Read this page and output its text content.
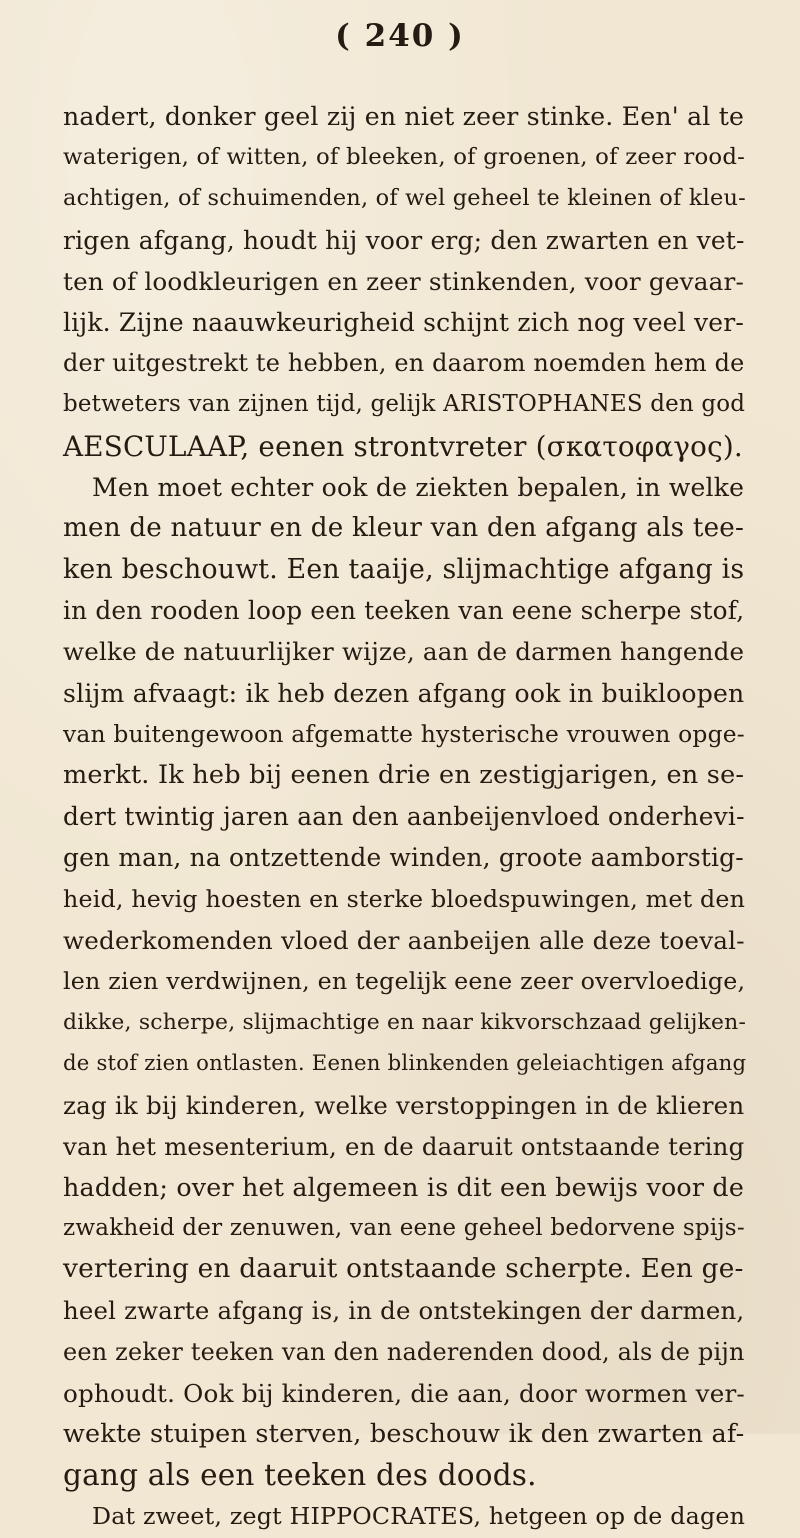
( 240 )
nadert, donker geel zij en niet zeer stinke. Een' al te
waterigen, of witten, of bleeken, of groenen, of zeer rood-
achtigen, of schuimenden, of wel geheel te kleinen of kleu-
rigen afgang, houdt hij voor erg; den zwarten en vet-
ten of loodkleurigen en zeer stinkenden, voor gevaar-
lijk. Zijne naauwkeurigheid schijnt zich nog veel ver-
der uitgestrekt te hebben, en daarom noemden hem de
betweters van zijnen tijd, gelijk ARISTOPHANES den god
AESCULAAP, eenen strontvreter (σκατοφαγος).
Men moet echter ook de ziekten bepalen, in welke
men de natuur en de kleur van den afgang als tee-
ken beschouwt. Een taaije, slijmachtige afgang is
in den rooden loop een teeken van eene scherpe stof,
welke de natuurlijker wijze, aan de darmen hangende
slijm afvaagt: ik heb dezen afgang ook in buikloopen
van buitengewoon afgematte hysterische vrouwen opge-
merkt. Ik heb bij eenen drie en zestigjarigen, en se-
dert twintig jaren aan den aanbeijenvloed onderhevi-
gen man, na ontzettende winden, groote aamborstig-
heid, hevig hoesten en sterke bloedspuwingen, met den
wederkomenden vloed der aanbeijen alle deze toeval-
len zien verdwijnen, en tegelijk eene zeer overvloedige,
dikke, scherpe, slijmachtige en naar kikvorschzaad gelijken-
de stof zien ontlasten. Eenen blinkenden geleiachtigen afgang
zag ik bij kinderen, welke verstoppingen in de klieren
van het mesenterium, en de daaruit ontstaande tering
hadden; over het algemeen is dit een bewijs voor de
zwakheid der zenuwen, van eene geheel bedorvene spijs-
vertering en daaruit ontstaande scherpte. Een ge-
heel zwarte afgang is, in de ontstekingen der darmen,
een zeker teeken van den naderenden dood, als de pijn
ophoudt. Ook bij kinderen, die aan, door wormen ver-
wekte stuipen sterven, beschouw ik den zwarten af-
gang als een teeken des doods.
Dat zweet, zegt HIPPOCRATES, hetgeen op de dagen
